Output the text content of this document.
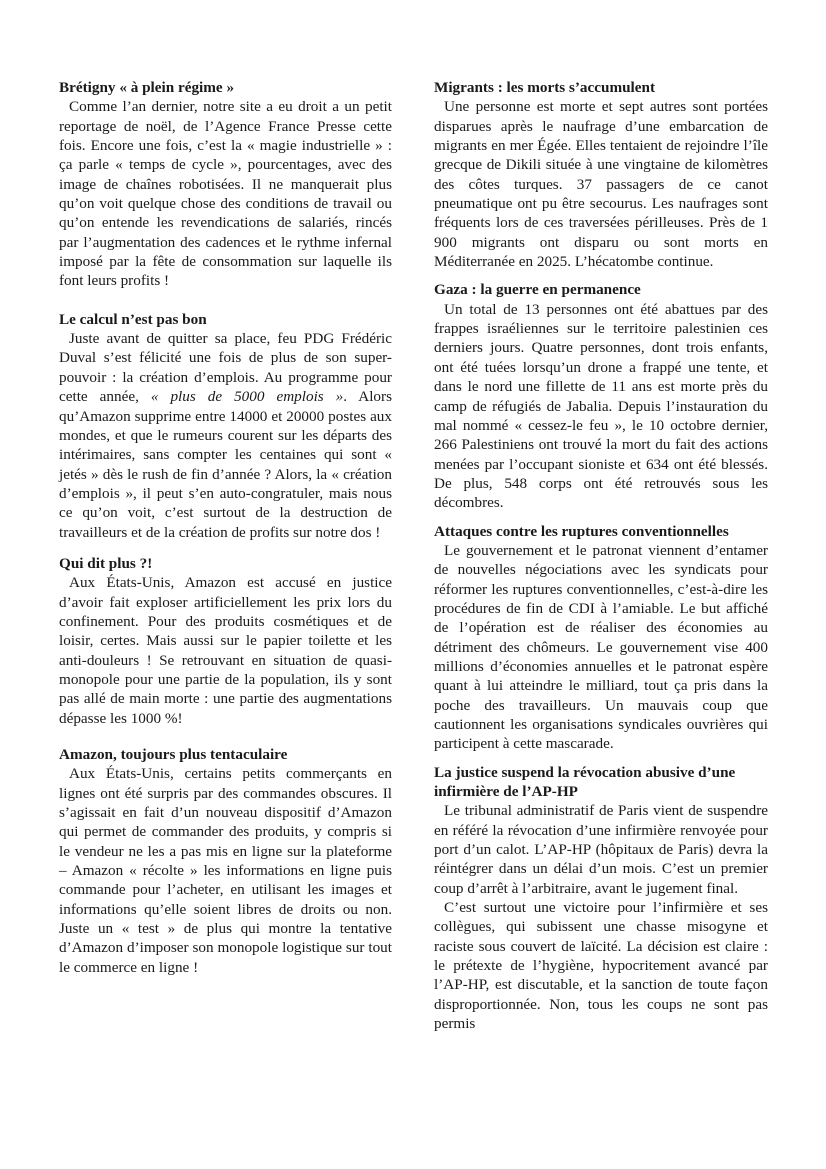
Brétigny « à plein régime »

Comme l’an dernier, notre site a eu droit a un petit reportage de noël, de l’Agence France Presse cette fois. Encore une fois, c’est la « magie industrielle » : ça parle « temps de cycle », pourcentages, avec des image de chaînes robotisées. Il ne manquerait plus qu’on voit quelque chose des conditions de travail ou qu’on entende les revendications de salariés, rincés par l’augmentation des cadences et le rythme infernal imposé par la fête de consommation sur laquelle ils font leurs profits !

Le calcul n’est pas bon

Juste avant de quitter sa place, feu PDG Frédéric Duval s’est félicité une fois de plus de son super-pouvoir : la création d’emplois. Au programme pour cette année, « plus de 5000 emplois ». Alors qu’Amazon supprime entre 14000 et 20000 postes aux mondes, et que le rumeurs courent sur les départs des intérimaires, sans compter les centaines qui sont « jetés » dès le rush de fin d’année ? Alors, la « création d’emplois », il peut s’en auto-congratuler, mais nous ce qu’on voit, c’est surtout de la destruction de travailleurs et de la création de profits sur notre dos !

Qui dit plus ?!

Aux États-Unis, Amazon est accusé en justice d’avoir fait exploser artificiellement les prix lors du confinement. Pour des produits cosmétiques et de loisir, certes. Mais aussi sur le papier toilette et les anti-douleurs ! Se retrouvant en situation de quasi-monopole pour une partie de la population, ils y sont pas allé de main morte : une partie des augmentations dépasse les 1000 %!

Amazon, toujours plus tentaculaire

Aux États-Unis, certains petits commerçants en lignes ont été surpris par des commandes obscures. Il s’agissait en fait d’un nouveau dispositif d’Amazon qui permet de commander des produits, y compris si le vendeur ne les a pas mis en ligne sur la plateforme – Amazon « récolte » les informations en ligne puis commande pour l’acheter, en utilisant les images et informations qu’elle soient libres de droits ou non. Juste un « test » de plus qui montre la tentative d’Amazon d’imposer son monopole logistique sur tout le commerce en ligne !

Migrants : les morts s’accumulent

Une personne est morte et sept autres sont portées disparues après le naufrage d’une embarcation de migrants en mer Égée. Elles tentaient de rejoindre l’île grecque de Dikili située à une vingtaine de kilomètres des côtes turques. 37 passagers de ce canot pneumatique ont pu être secourus. Les naufrages sont fréquents lors de ces traversées périlleuses. Près de 1 900 migrants ont disparu ou sont morts en Méditerranée en 2025. L’hécatombe continue.

Gaza : la guerre en permanence

Un total de 13 personnes ont été abattues par des frappes israéliennes sur le territoire palestinien ces derniers jours. Quatre personnes, dont trois enfants, ont été tuées lorsqu’un drone a frappé une tente, et dans le nord une fillette de 11 ans est morte près du camp de réfugiés de Jabalia. Depuis l’instauration du mal nommé « cessez-le feu », le 10 octobre dernier, 266 Palestiniens ont trouvé la mort du fait des actions menées par l’occupant sioniste et 634 ont été blessés. De plus, 548 corps ont été retrouvés sous les décombres.

Attaques contre les ruptures conventionnelles

Le gouvernement et le patronat viennent d’entamer de nouvelles négociations avec les syndicats pour réformer les ruptures conventionnelles, c’est-à-dire les procédures de fin de CDI à l’amiable. Le but affiché de l’opération est de réaliser des économies au détriment des chômeurs. Le gouvernement vise 400 millions d’économies annuelles et le patronat espère quant à lui atteindre le milliard, tout ça pris dans la poche des travailleurs. Un mauvais coup que cautionnent les organisations syndicales ouvrières qui participent à cette mascarade.

La justice suspend la révocation abusive d’une infirmière de l’AP-HP

Le tribunal administratif de Paris vient de suspendre en référé la révocation d’une infirmière renvoyée pour port d’un calot. L’AP-HP (hôpitaux de Paris) devra la réintégrer dans un délai d’un mois. C’est un premier coup d’arrêt à l’arbitraire, avant le jugement final.

C’est surtout une victoire pour l’infirmière et ses collègues, qui subissent une chasse misogyne et raciste sous couvert de laïcité. La décision est claire : le prétexte de l’hygiène, hypocritement avancé par l’AP-HP, est discutable, et la sanction de toute façon disproportionnée. Non, tous les coups ne sont pas permis
